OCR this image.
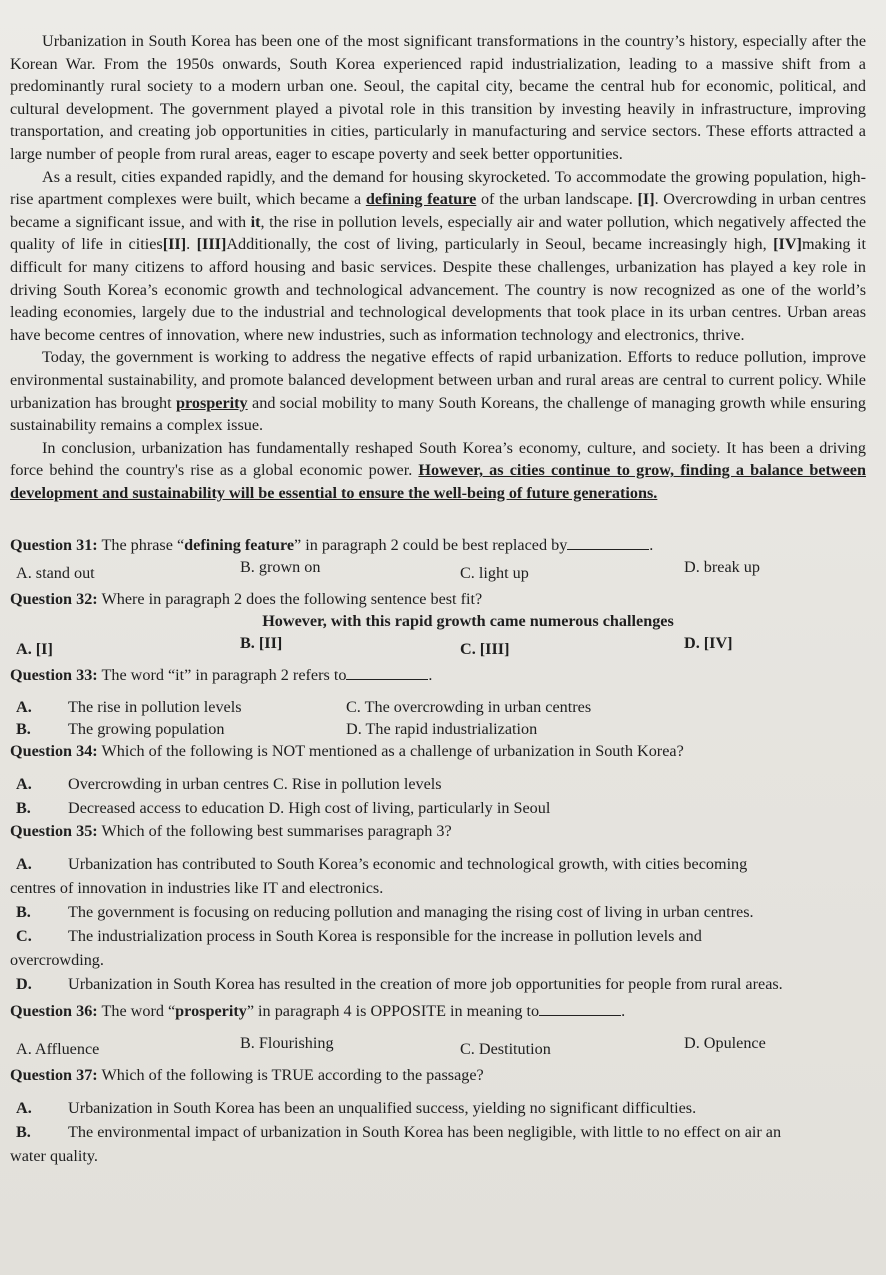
Urbanization in South Korea has been one of the most significant transformations in the country’s history, especially after the Korean War. From the 1950s onwards, South Korea experienced rapid industrialization, leading to a massive shift from a predominantly rural society to a modern urban one. Seoul, the capital city, became the central hub for economic, political, and cultural development. The government played a pivotal role in this transition by investing heavily in infrastructure, improving transportation, and creating job opportunities in cities, particularly in manufacturing and service sectors. These efforts attracted a large number of people from rural areas, eager to escape poverty and seek better opportunities.

As a result, cities expanded rapidly, and the demand for housing skyrocketed. To accommodate the growing population, high-rise apartment complexes were built, which became a defining feature of the urban landscape. [I]. Overcrowding in urban centres became a significant issue, and with it, the rise in pollution levels, especially air and water pollution, which negatively affected the quality of life in cities[II]. [III]Additionally, the cost of living, particularly in Seoul, became increasingly high, [IV]making it difficult for many citizens to afford housing and basic services. Despite these challenges, urbanization has played a key role in driving South Korea’s economic growth and technological advancement. The country is now recognized as one of the world’s leading economies, largely due to the industrial and technological developments that took place in its urban centres. Urban areas have become centres of innovation, where new industries, such as information technology and electronics, thrive.

Today, the government is working to address the negative effects of rapid urbanization. Efforts to reduce pollution, improve environmental sustainability, and promote balanced development between urban and rural areas are central to current policy. While urbanization has brought prosperity and social mobility to many South Koreans, the challenge of managing growth while ensuring sustainability remains a complex issue.

In conclusion, urbanization has fundamentally reshaped South Korea’s economy, culture, and society. It has been a driving force behind the country's rise as a global economic power. However, as cities continue to grow, finding a balance between development and sustainability will be essential to ensure the well-being of future generations.

Question 31: The phrase “defining feature” in paragraph 2 could be best replaced by	.

A. stand out	B. grown on	C. light up	D. break up

Question 32: Where in paragraph 2 does the following sentence best fit?

However, with this rapid growth came numerous challenges
A. [I]	B. [II]	C. [III]	D. [IV]

Question 33: The word “it” in paragraph 2 refers to	.

A. The rise in pollution levels	C. The overcrowding in urban centres
B. The growing population	D. The rapid industrialization

Question 34: Which of the following is NOT mentioned as a challenge of urbanization in South Korea?

A. Overcrowding in urban centres C. Rise in pollution levels
B. Decreased access to education D. High cost of living, particularly in Seoul

Question 35: Which of the following best summarises paragraph 3?

A. Urbanization has contributed to South Korea’s economic and technological growth, with cities becoming
centres of innovation in industries like IT and electronics.
B. The government is focusing on reducing pollution and managing the rising cost of living in urban centres.
C. The industrialization process in South Korea is responsible for the increase in pollution levels and
overcrowding.
D. Urbanization in South Korea has resulted in the creation of more job opportunities for people from rural areas.

Question 36: The word “prosperity” in paragraph 4 is OPPOSITE in meaning to	.

A. Affluence	B. Flourishing	C. Destitution	D. Opulence

Question 37: Which of the following is TRUE according to the passage?

A. Urbanization in South Korea has been an unqualified success, yielding no significant difficulties.
B. The environmental impact of urbanization in South Korea has been negligible, with little to no effect on air an
water quality.
